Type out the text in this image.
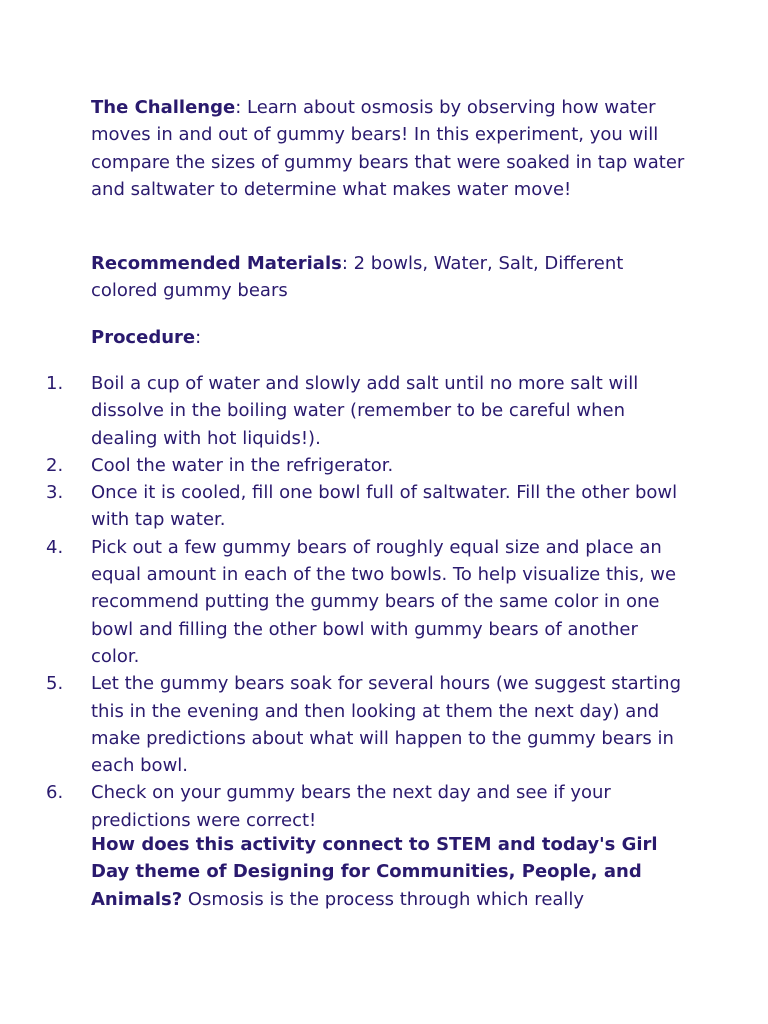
The Challenge: Learn about osmosis by observing how water moves in and out of gummy bears! In this experiment, you will compare the sizes of gummy bears that were soaked in tap water and saltwater to determine what makes water move!

Recommended Materials: 2 bowls, Water, Salt, Different colored gummy bears

Procedure:

1. Boil a cup of water and slowly add salt until no more salt will dissolve in the boiling water (remember to be careful when dealing with hot liquids!).
2. Cool the water in the refrigerator.
3. Once it is cooled, fill one bowl full of saltwater. Fill the other bowl with tap water.
4. Pick out a few gummy bears of roughly equal size and place an equal amount in each of the two bowls. To help visualize this, we recommend putting the gummy bears of the same color in one bowl and filling the other bowl with gummy bears of another color.
5. Let the gummy bears soak for several hours (we suggest starting this in the evening and then looking at them the next day) and make predictions about what will happen to the gummy bears in each bowl.
6. Check on your gummy bears the next day and see if your predictions were correct!

How does this activity connect to STEM and today's Girl Day theme of Designing for Communities, People, and Animals? Osmosis is the process through which really
